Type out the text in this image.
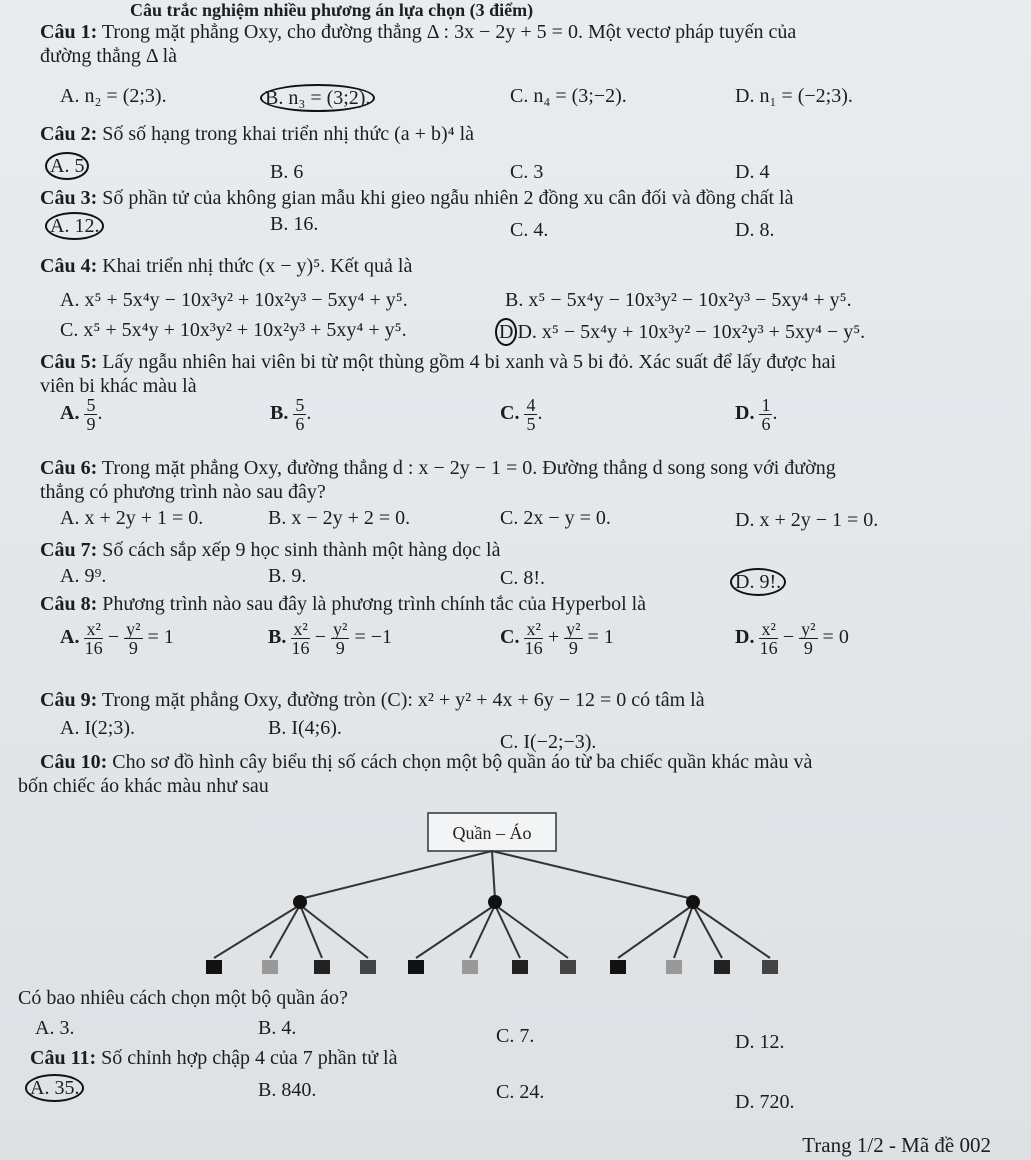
Câu trắc nghiệm nhiều phương án lựa chọn (3 điểm)
Câu 1: Trong mặt phẳng Oxy, cho đường thẳng Δ : 3x − 2y + 5 = 0. Một vectơ pháp tuyến của
đường thẳng Δ là
A. n₂ = (2;3).	B. n₃ = (3;2).	C. n₄ = (3;−2).	D. n₁ = (−2;3).
Câu 2: Số số hạng trong khai triển nhị thức (a + b)⁴ là
A. 5	B. 6	C. 3	D. 4
Câu 3: Số phần tử của không gian mẫu khi gieo ngẫu nhiên 2 đồng xu cân đối và đồng chất là
A. 12.	B. 16.	C. 4.	D. 8.
Câu 4: Khai triển nhị thức (x − y)⁵. Kết quả là
A. x⁵ + 5x⁴y − 10x³y² + 10x²y³ − 5xy⁴ + y⁵.	B. x⁵ − 5x⁴y − 10x³y² − 10x²y³ − 5xy⁴ + y⁵.
C. x⁵ + 5x⁴y + 10x³y² + 10x²y³ + 5xy⁴ + y⁵.	D D. x⁵ − 5x⁴y + 10x³y² − 10x²y³ + 5xy⁴ − y⁵.
Câu 5: Lấy ngẫu nhiên hai viên bi từ một thùng gồm 4 bi xanh và 5 bi đỏ. Xác suất để lấy được hai
viên bi khác màu là
A. $\frac{5}{9}$ .	B. $\frac{5}{6}$ .	C. $\frac{4}{5}$ .	D. $\frac{1}{6}$ .
Câu 6: Trong mặt phẳng Oxy, đường thẳng d : x − 2y − 1 = 0. Đường thẳng d song song với đường
thẳng có phương trình nào sau đây?
A. x + 2y + 1 = 0.	B. x − 2y + 2 = 0.	C. 2x − y = 0.	D. x + 2y − 1 = 0.
Câu 7: Số cách sắp xếp 9 học sinh thành một hàng dọc là
A. 9⁹.	B. 9.	C. 8!.	D. 9!.
Câu 8: Phương trình nào sau đây là phương trình chính tắc của Hyperbol là
A. $\frac{\text{x²}}{16} - \frac{\text{y²}}{9} = 1$	B. $\frac{\text{x²}}{16} - \frac{\text{y²}}{9} = -1$	C. $\frac{\text{x²}}{16} + \frac{\text{y²}}{9} = 1$	D. $\frac{\text{x²}}{16} - \frac{\text{y²}}{9} = 0$
Câu 9: Trong mặt phẳng Oxy, đường tròn (C): x² + y² + 4x + 6y − 12 = 0 có tâm là
A. I(2;3).	B. I(4;6).
C. I(−2;−3).
Câu 10: Cho sơ đồ hình cây biểu thị số cách chọn một bộ quần áo từ ba chiếc quần khác màu và
bốn chiếc áo khác màu như sau
Quần – Áo
Có bao nhiêu cách chọn một bộ quần áo?
A. 3.	B. 4.	C. 7.	D. 12.
Câu 11: Số chỉnh hợp chập 4 của 7 phần tử là
A. 35.	B. 840.	C. 24.	D. 720.
Trang 1/2 - Mã đề 002
